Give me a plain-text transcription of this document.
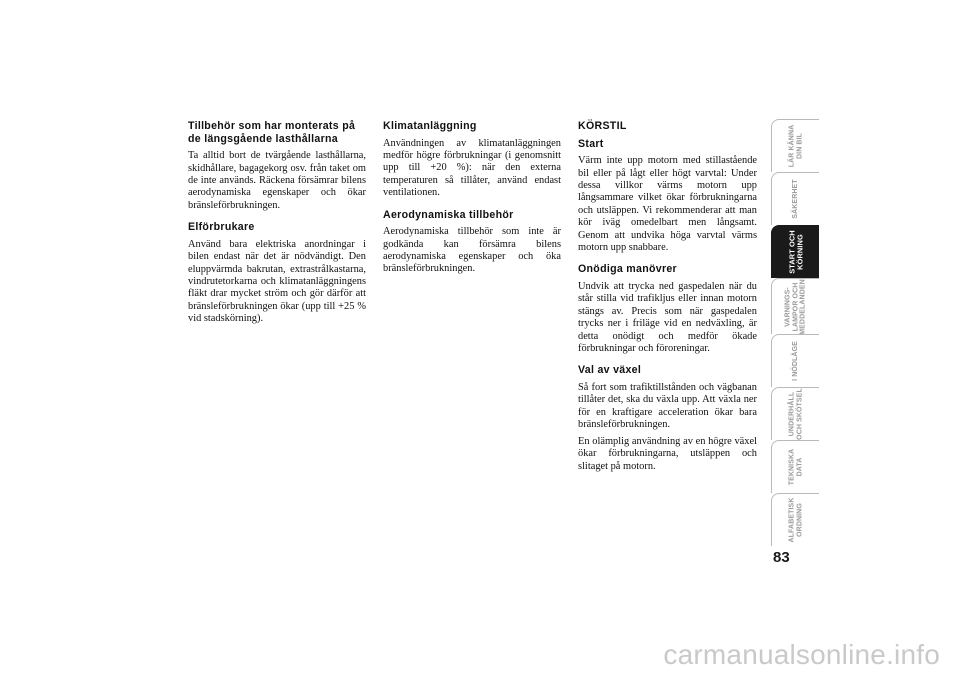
Tillbehör som har monterats på de längsgående lasthållarna

Ta alltid bort de tvärgående lasthållarna, skidhållare, bagagekorg osv. från taket om de inte används. Räckena försämrar bilens aerodynamiska egenskaper och ökar bränsleförbrukningen.

Elförbrukare

Använd bara elektriska anordningar i bilen endast när det är nödvändigt. Den eluppvärmda bakrutan, extrastrålkastarna, vindrutetorkarna och klimatanläggningens fläkt drar mycket ström och gör därför att bränsleförbrukningen ökar (upp till +25 % vid stadskörning).

Klimatanläggning

Användningen av klimatanläggningen medför högre förbrukningar (i genomsnitt upp till +20 %): när den externa temperaturen så tillåter, använd endast ventilationen.

Aerodynamiska tillbehör

Aerodynamiska tillbehör som inte är godkända kan försämra bilens aerodynamiska egenskaper och öka bränsleförbrukningen.

KÖRSTIL
Start

Värm inte upp motorn med stillastående bil eller på lågt eller högt varvtal: Under dessa villkor värms motorn upp långsammare vilket ökar förbrukningarna och utsläppen. Vi rekommenderar att man kör iväg omedelbart men långsamt. Genom att undvika höga varvtal värms motorn upp snabbare.

Onödiga manövrer

Undvik att trycka ned gaspedalen när du står stilla vid trafikljus eller innan motorn stängs av. Precis som när gaspedalen trycks ner i friläge vid en nedväxling, är detta onödigt och medför ökade förbrukningar och föroreningar.

Val av växel

Så fort som trafiktillstånden och vägbanan tillåter det, ska du växla upp. Att växla ner för en kraftigare acceleration ökar bara bränsleförbrukningen.

En olämplig användning av en högre växel ökar förbrukningarna, utsläppen och slitaget på motorn.

LÄR KÄNNA
DIN BIL
SÄKERHET
START OCH
KÖRNING
VARNINGS-
LAMPOR OCH
MEDDELANDEN
I NÖDLÄGE
UNDERHÅLL
OCH SKÖTSEL
TEKNISKA
DATA
ALFABETISK
ORDNING
83
carmanualsonline.info
